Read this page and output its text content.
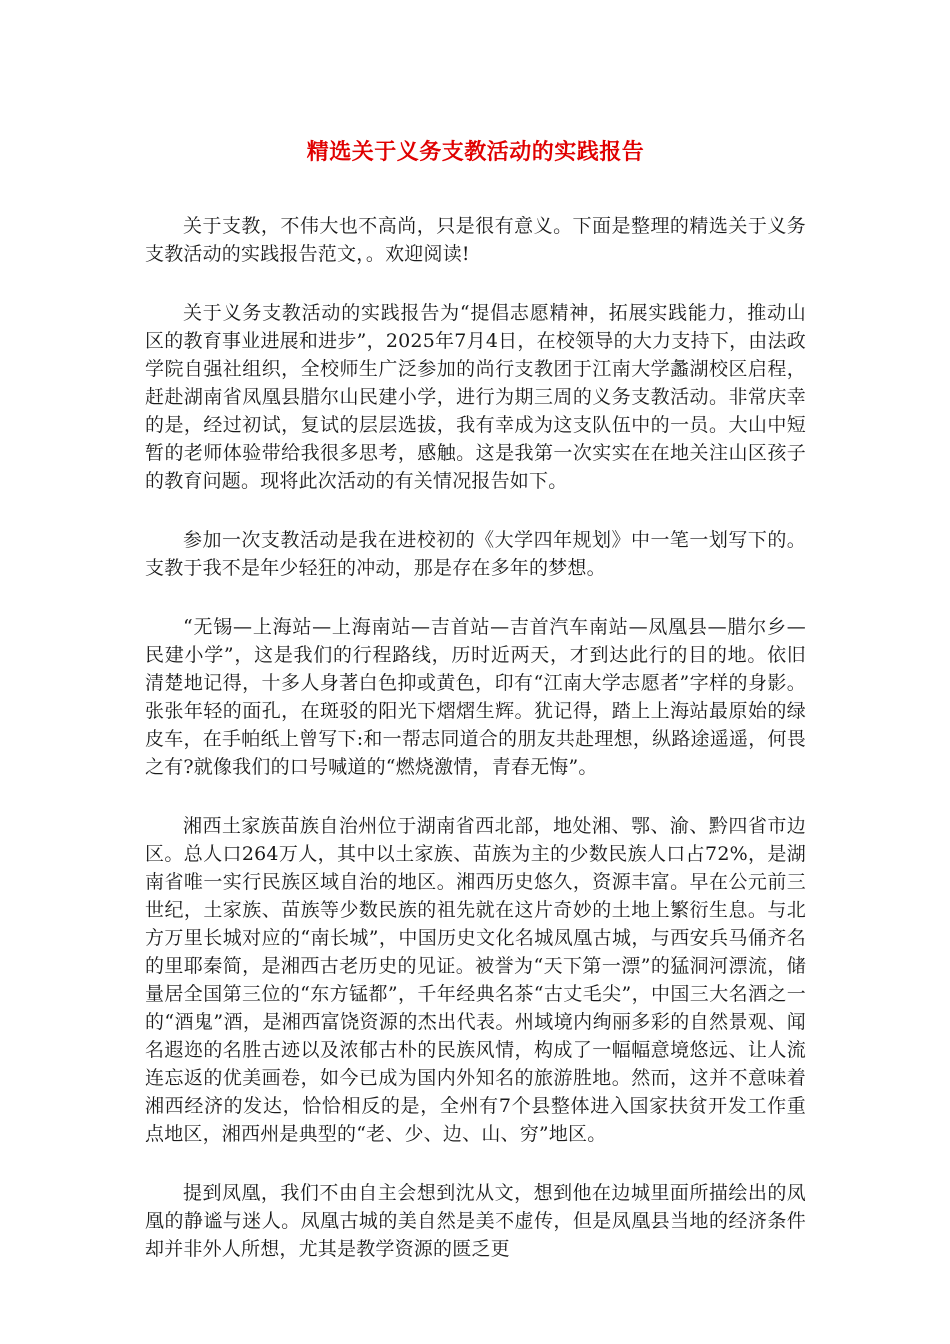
精选关于义务支教活动的实践报告

关于支教，不伟大也不高尚，只是很有意义。下面是整理的精选关于义务支教活动的实践报告范文，。欢迎阅读!

关于义务支教活动的实践报告为“提倡志愿精神，拓展实践能力，推动山区的教育事业进展和进步”，2025年7月4日，在校领导的大力支持下，由法政学院自强社组织，全校师生广泛参加的尚行支教团于江南大学蠡湖校区启程，赶赴湖南省凤凰县腊尔山民建小学，进行为期三周的义务支教活动。非常庆幸的是，经过初试，复试的层层选拔，我有幸成为这支队伍中的一员。大山中短暂的老师体验带给我很多思考，感触。这是我第一次实实在在地关注山区孩子的教育问题。现将此次活动的有关情况报告如下。

参加一次支教活动是我在进校初的《大学四年规划》中一笔一划写下的。支教于我不是年少轻狂的冲动，那是存在多年的梦想。

“无锡—上海站—上海南站—吉首站—吉首汽车南站—凤凰县—腊尔乡—民建小学”，这是我们的行程路线，历时近两天，才到达此行的目的地。依旧清楚地记得，十多人身著白色抑或黄色，印有“江南大学志愿者”字样的身影。张张年轻的面孔，在斑驳的阳光下熠熠生辉。犹记得，踏上上海站最原始的绿皮车，在手帕纸上曾写下:和一帮志同道合的朋友共赴理想，纵路途遥遥，何畏之有?就像我们的口号喊道的“燃烧激情，青春无悔”。

湘西土家族苗族自治州位于湖南省西北部，地处湘、鄂、渝、黔四省市边区。总人口264万人，其中以土家族、苗族为主的少数民族人口占72%，是湖南省唯一实行民族区域自治的地区。湘西历史悠久，资源丰富。早在公元前三世纪，土家族、苗族等少数民族的祖先就在这片奇妙的土地上繁衍生息。与北方万里长城对应的“南长城”，中国历史文化名城凤凰古城，与西安兵马俑齐名的里耶秦简，是湘西古老历史的见证。被誉为“天下第一漂”的猛洞河漂流，储量居全国第三位的“东方锰都”，千年经典名茶“古丈毛尖”，中国三大名酒之一的“酒鬼”酒，是湘西富饶资源的杰出代表。州域境内绚丽多彩的自然景观、闻名遐迩的名胜古迹以及浓郁古朴的民族风情，构成了一幅幅意境悠远、让人流连忘返的优美画卷，如今已成为国内外知名的旅游胜地。然而，这并不意味着湘西经济的发达，恰恰相反的是，全州有7个县整体进入国家扶贫开发工作重点地区，湘西州是典型的“老、少、边、山、穷”地区。

提到凤凰，我们不由自主会想到沈从文，想到他在边城里面所描绘出的凤凰的静谧与迷人。凤凰古城的美自然是美不虚传，但是凤凰县当地的经济条件却并非外人所想，尤其是教学资源的匮乏更
